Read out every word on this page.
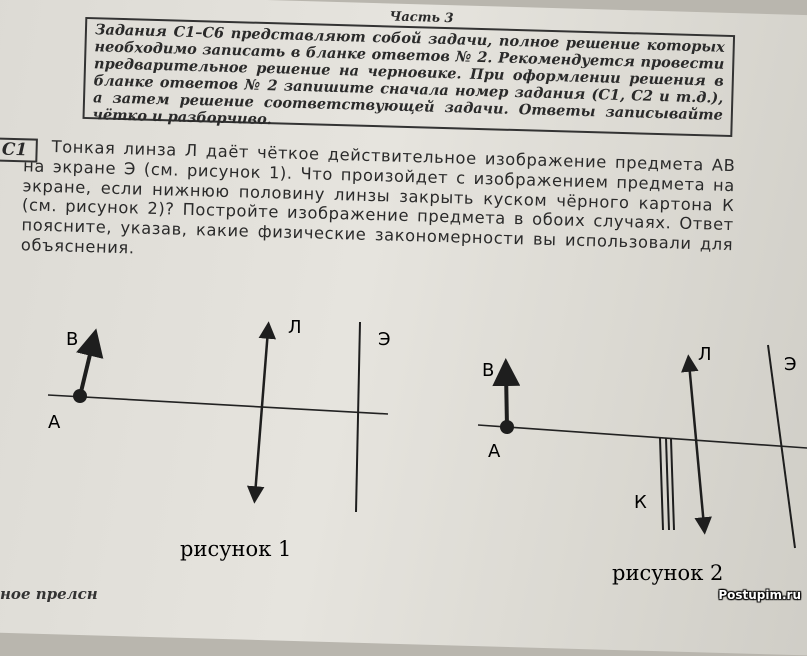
Часть 3
Задания С1–С6 представляют собой задачи, полное решение которых необходимо записать в бланке ответов № 2. Рекомендуется провести предварительное решение на черновике. При оформлении решения в бланке ответов № 2 запишите сначала номер задания (С1, С2 и т.д.), а затем решение соответствующей задачи. Ответы записывайте чётко и разборчиво.
С1	Тонкая линза Л даёт чёткое действительное изображение предмета АВ на экране Э (см. рисунок 1). Что произойдет с изображением предмета на экране, если нижнюю половину линзы закрыть куском чёрного картона К (см. рисунок 2)? Постройте изображение предмета в обоих случаях. Ответ поясните, указав, какие физические закономерности вы использовали для объяснения.
В
А
Л
Э
рисунок 1
В
А
Л	Э
К
рисунок 2
ное прелсн	Postupim.ru
